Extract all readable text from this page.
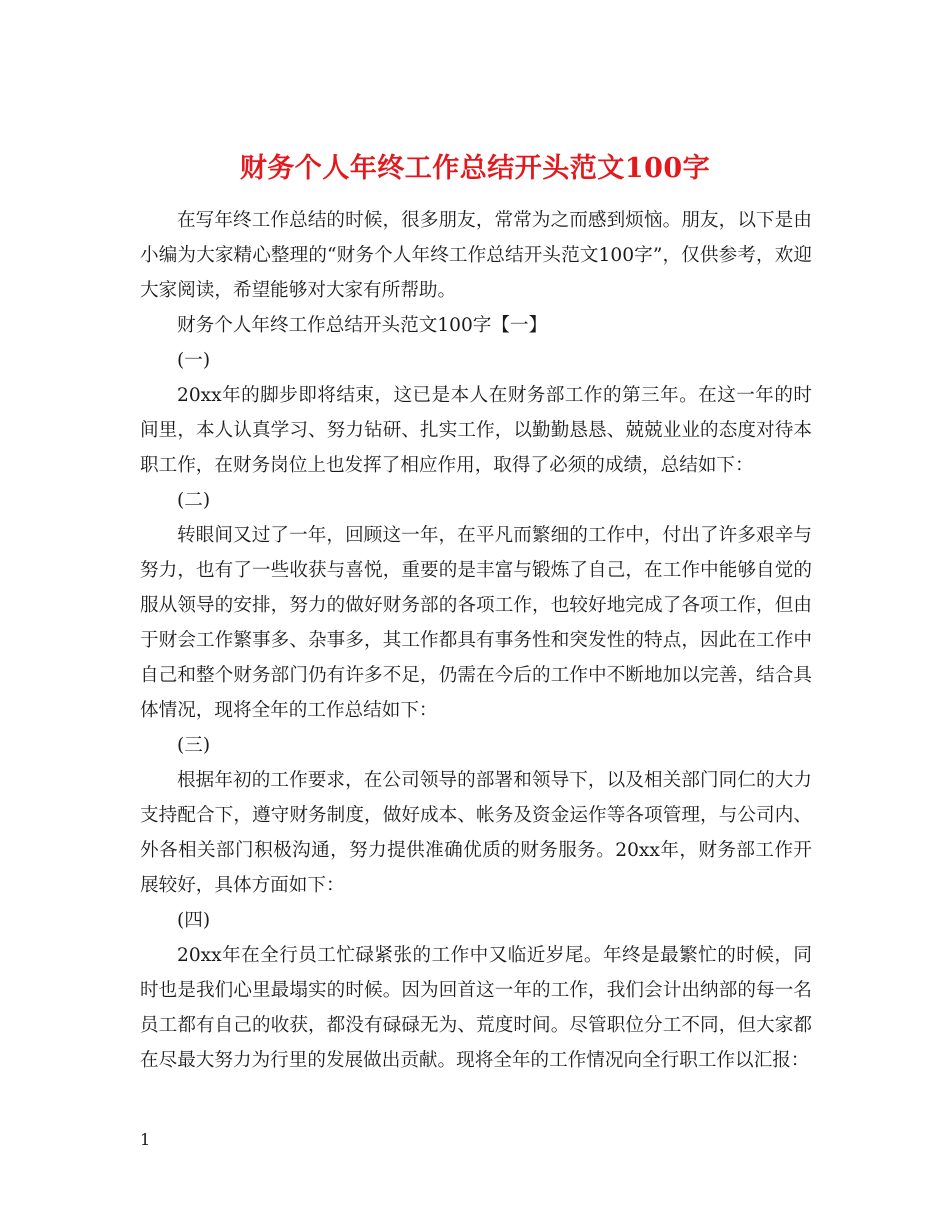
财务个人年终工作总结开头范文100字

在写年终工作总结的时候，很多朋友，常常为之而感到烦恼。朋友，以下是由小编为大家精心整理的“财务个人年终工作总结开头范文100字”，仅供参考，欢迎大家阅读，希望能够对大家有所帮助。

财务个人年终工作总结开头范文100字【一】

(一)

20xx年的脚步即将结束，这已是本人在财务部工作的第三年。在这一年的时间里，本人认真学习、努力钻研、扎实工作，以勤勤恳恳、兢兢业业的态度对待本职工作，在财务岗位上也发挥了相应作用，取得了必须的成绩，总结如下：

(二)

转眼间又过了一年，回顾这一年，在平凡而繁细的工作中，付出了许多艰辛与努力，也有了一些收获与喜悦，重要的是丰富与锻炼了自己，在工作中能够自觉的服从领导的安排，努力的做好财务部的各项工作，也较好地完成了各项工作，但由于财会工作繁事多、杂事多，其工作都具有事务性和突发性的特点，因此在工作中自己和整个财务部门仍有许多不足，仍需在今后的工作中不断地加以完善，结合具体情况，现将全年的工作总结如下：

(三)

根据年初的工作要求，在公司领导的部署和领导下，以及相关部门同仁的大力支持配合下，遵守财务制度，做好成本、帐务及资金运作等各项管理，与公司内、外各相关部门积极沟通，努力提供准确优质的财务服务。20xx年，财务部工作开展较好，具体方面如下：

(四)

20xx年在全行员工忙碌紧张的工作中又临近岁尾。年终是最繁忙的时候，同时也是我们心里最塌实的时候。因为回首这一年的工作，我们会计出纳部的每一名员工都有自己的收获，都没有碌碌无为、荒度时间。尽管职位分工不同，但大家都在尽最大努力为行里的发展做出贡献。现将全年的工作情况向全行职工作以汇报：

1
